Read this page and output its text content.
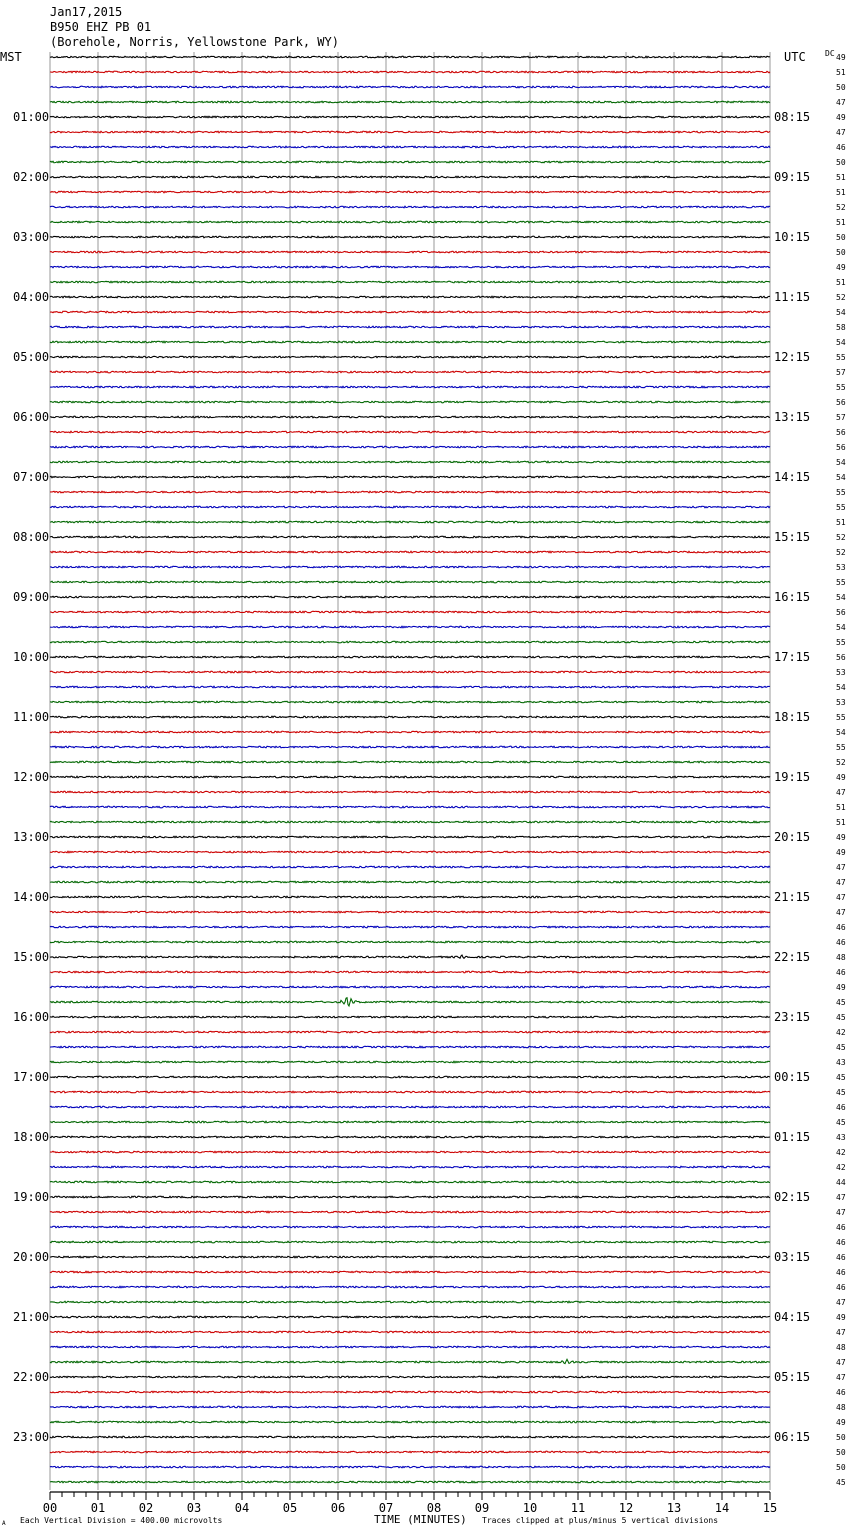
Jan17,2015
B950 EHZ PB 01
(Borehole, Norris, Yellowstone Park, WY)
MST	UTC DC
01:00
02:00
03:00
04:00
05:00
06:00
07:00
08:00
09:00
10:00
11:00
12:00
13:00
14:00
15:00
16:00
17:00
18:00
19:00
20:00
21:00
22:00
23:00
08:15
09:15
10:15
11:15
12:15
13:15
14:15
15:15
16:15
17:15
18:15
19:15
20:15
21:15
22:15
23:15
00:15
01:15
02:15
03:15
04:15
05:15
06:15
49
51
50
47
49
47
46
50
51
51
52
51
50
50
49
51
52
54
58
54
55
57
55
56
57
56
56
54
54
55
55
51
52
52
53
55
54
56
54
55
56
53
54
53
55
54
55
52
49
47
51
51
49
49
47
47
47
47
46
46
48
46
49
45
45
42
45
43
45
45
46
45
43
42
42
44
47
47
46
46
46
46
46
47
49
47
48
47
47
46
48
49
50
50
50
45
00	01	02	03	04	05	06	07	08	09	10	11	12	13	14	15
A Each Vertical Division = 400.00 microvolts	TIME (MINUTES) Traces clipped at plus/minus 5 vertical divisions
